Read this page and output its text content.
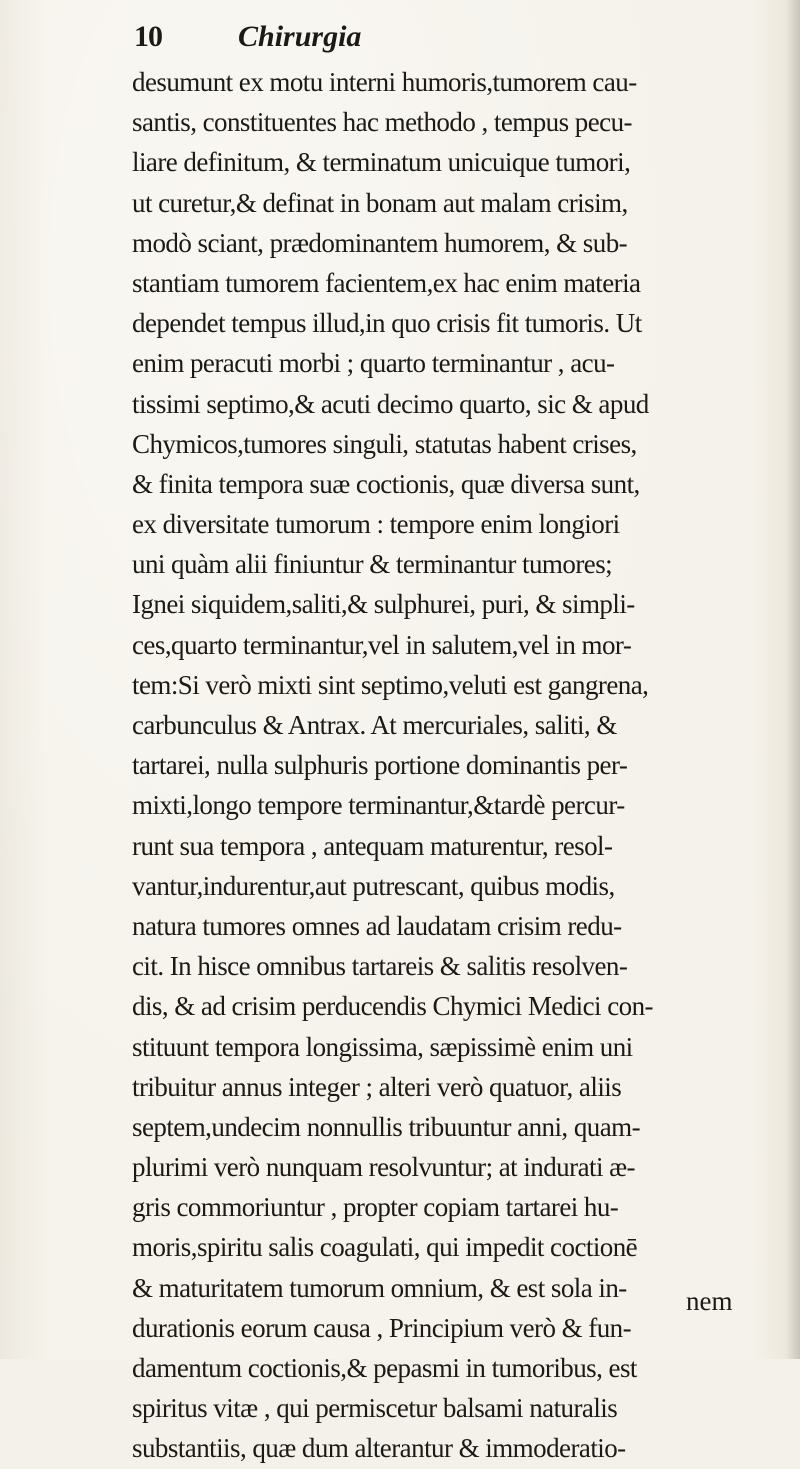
10	Chirurgia
desumunt ex motu interni humoris,tumorem cau-
santis, constituentes hac methodo , tempus pecu-
liare definitum, & terminatum unicuique tumori,
ut curetur,& definat in bonam aut malam crisim,
modò sciant, prædominantem humorem, & sub-
stantiam tumorem facientem,ex hac enim materia
dependet tempus illud,in quo crisis fit tumoris. Ut
enim peracuti morbi ; quarto terminantur , acu-
tissimi septimo,& acuti decimo quarto, sic & apud
Chymicos,tumores singuli, statutas habent crises,
& finita tempora suæ coctionis, quæ diversa sunt,
ex diversitate tumorum : tempore enim longiori
uni quàm alii finiuntur & terminantur tumores;
Ignei siquidem,saliti,& sulphurei, puri, & simpli-
ces,quarto terminantur,vel in salutem,vel in mor-
tem:Si verò mixti sint septimo,veluti est gangrena,
carbunculus & Antrax. At mercuriales, saliti, &
tartarei, nulla sulphuris portione dominantis per-
mixti,longo tempore terminantur,&tardè percur-
runt sua tempora , antequam maturentur, resol-
vantur,indurentur,aut putrescant, quibus modis,
natura tumores omnes ad laudatam crisim redu-
cit. In hisce omnibus tartareis & salitis resolven-
dis, & ad crisim perducendis Chymici Medici con-
stituunt tempora longissima, sæpissimè enim uni
tribuitur annus integer ; alteri verò quatuor, aliis
septem,undecim nonnullis tribuuntur anni, quam-
plurimi verò nunquam resolvuntur; at indurati æ-
gris commoriuntur , propter copiam tartarei hu-
moris,spiritu salis coagulati, qui impedit coctionē
& maturitatem tumorum omnium, & est sola in-
durationis eorum causa , Principium verò & fun-
damentum coctionis,& pepasmi in tumoribus, est
spiritus vitæ , qui permiscetur balsami naturalis
substantiis, quæ dum alterantur & immoderatio-
nem
